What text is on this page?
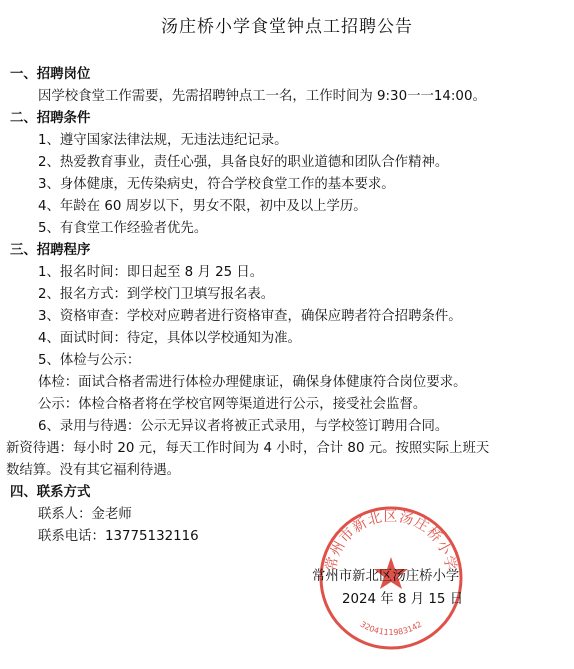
汤庄桥小学食堂钟点工招聘公告
一、招聘岗位
因学校食堂工作需要，先需招聘钟点工一名，工作时间为 9:30一一14:00。
二、招聘条件
1、遵守国家法律法规，无违法违纪记录。
2、热爱教育事业，责任心强，具备良好的职业道德和团队合作精神。
3、身体健康，无传染病史，符合学校食堂工作的基本要求。
4、年龄在 60 周岁以下，男女不限，初中及以上学历。
5、有食堂工作经验者优先。
三、招聘程序
1、报名时间：即日起至 8 月 25 日。
2、报名方式：到学校门卫填写报名表。
3、资格审查：学校对应聘者进行资格审查，确保应聘者符合招聘条件。
4、面试时间：待定，具体以学校通知为准。
5、体检与公示：
体检：面试合格者需进行体检办理健康证，确保身体健康符合岗位要求。
公示：体检合格者将在学校官网等渠道进行公示，接受社会监督。
6、录用与待遇：公示无异议者将被正式录用，与学校签订聘用合同。
新资待遇：每小时 20 元，每天工作时间为 4 小时，合计 80 元。按照实际上班天
数结算。没有其它福利待遇。
四、联系方式
联系人：金老师
联系电话：13775132116
常州市新北区汤庄桥小学
3204111983142
常州市新北区汤庄桥小学
2024 年 8 月 15 日
